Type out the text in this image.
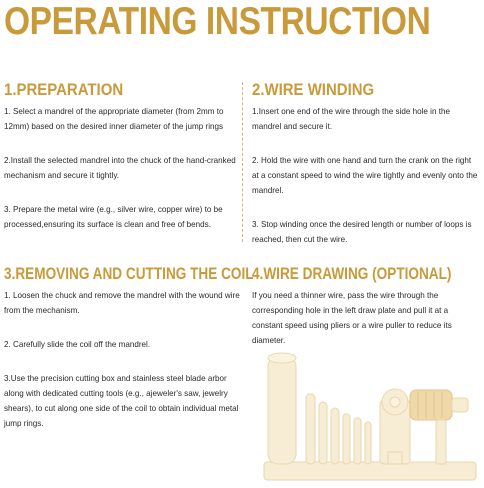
OPERATING INSTRUCTION
1.PREPARATION

1. Select a mandrel of the appropriate diameter (from 2mm to 12mm) based on the desired inner diameter of the jump rings

2.Install the selected mandrel into the chuck of the hand-cranked mechanism and secure it tightly.

3. Prepare the metal wire (e.g., silver wire, copper wire) to be processed,ensuring its surface is clean and free of bends.

2.WIRE WINDING

1.Insert one end of the wire through the side hole in the mandrel and secure it.

2. Hold the wire with one hand and turn the crank on the right at a constant speed to wind the wire tightly and evenly onto the mandrel.

3. Stop winding once the desired length or number of loops is reached, then cut the wire.

3.REMOVING AND CUTTING THE COIL

1. Loosen the chuck and remove the mandrel with the wound wire from the mechanism.

2. Carefully slide the coil off the mandrel.

3.Use the precision cutting box and stainless steel blade arbor along with dedicated cutting tools (e.g., ajeweler's saw, jewelry shears), to cut along one side of the coil to obtain individual metal jump rings.

4.WIRE DRAWING (OPTIONAL)

If you need a thinner wire, pass the wire through the corresponding hole in the left draw plate and pull it at a constant speed using pliers or a wire puller to reduce its diameter.
